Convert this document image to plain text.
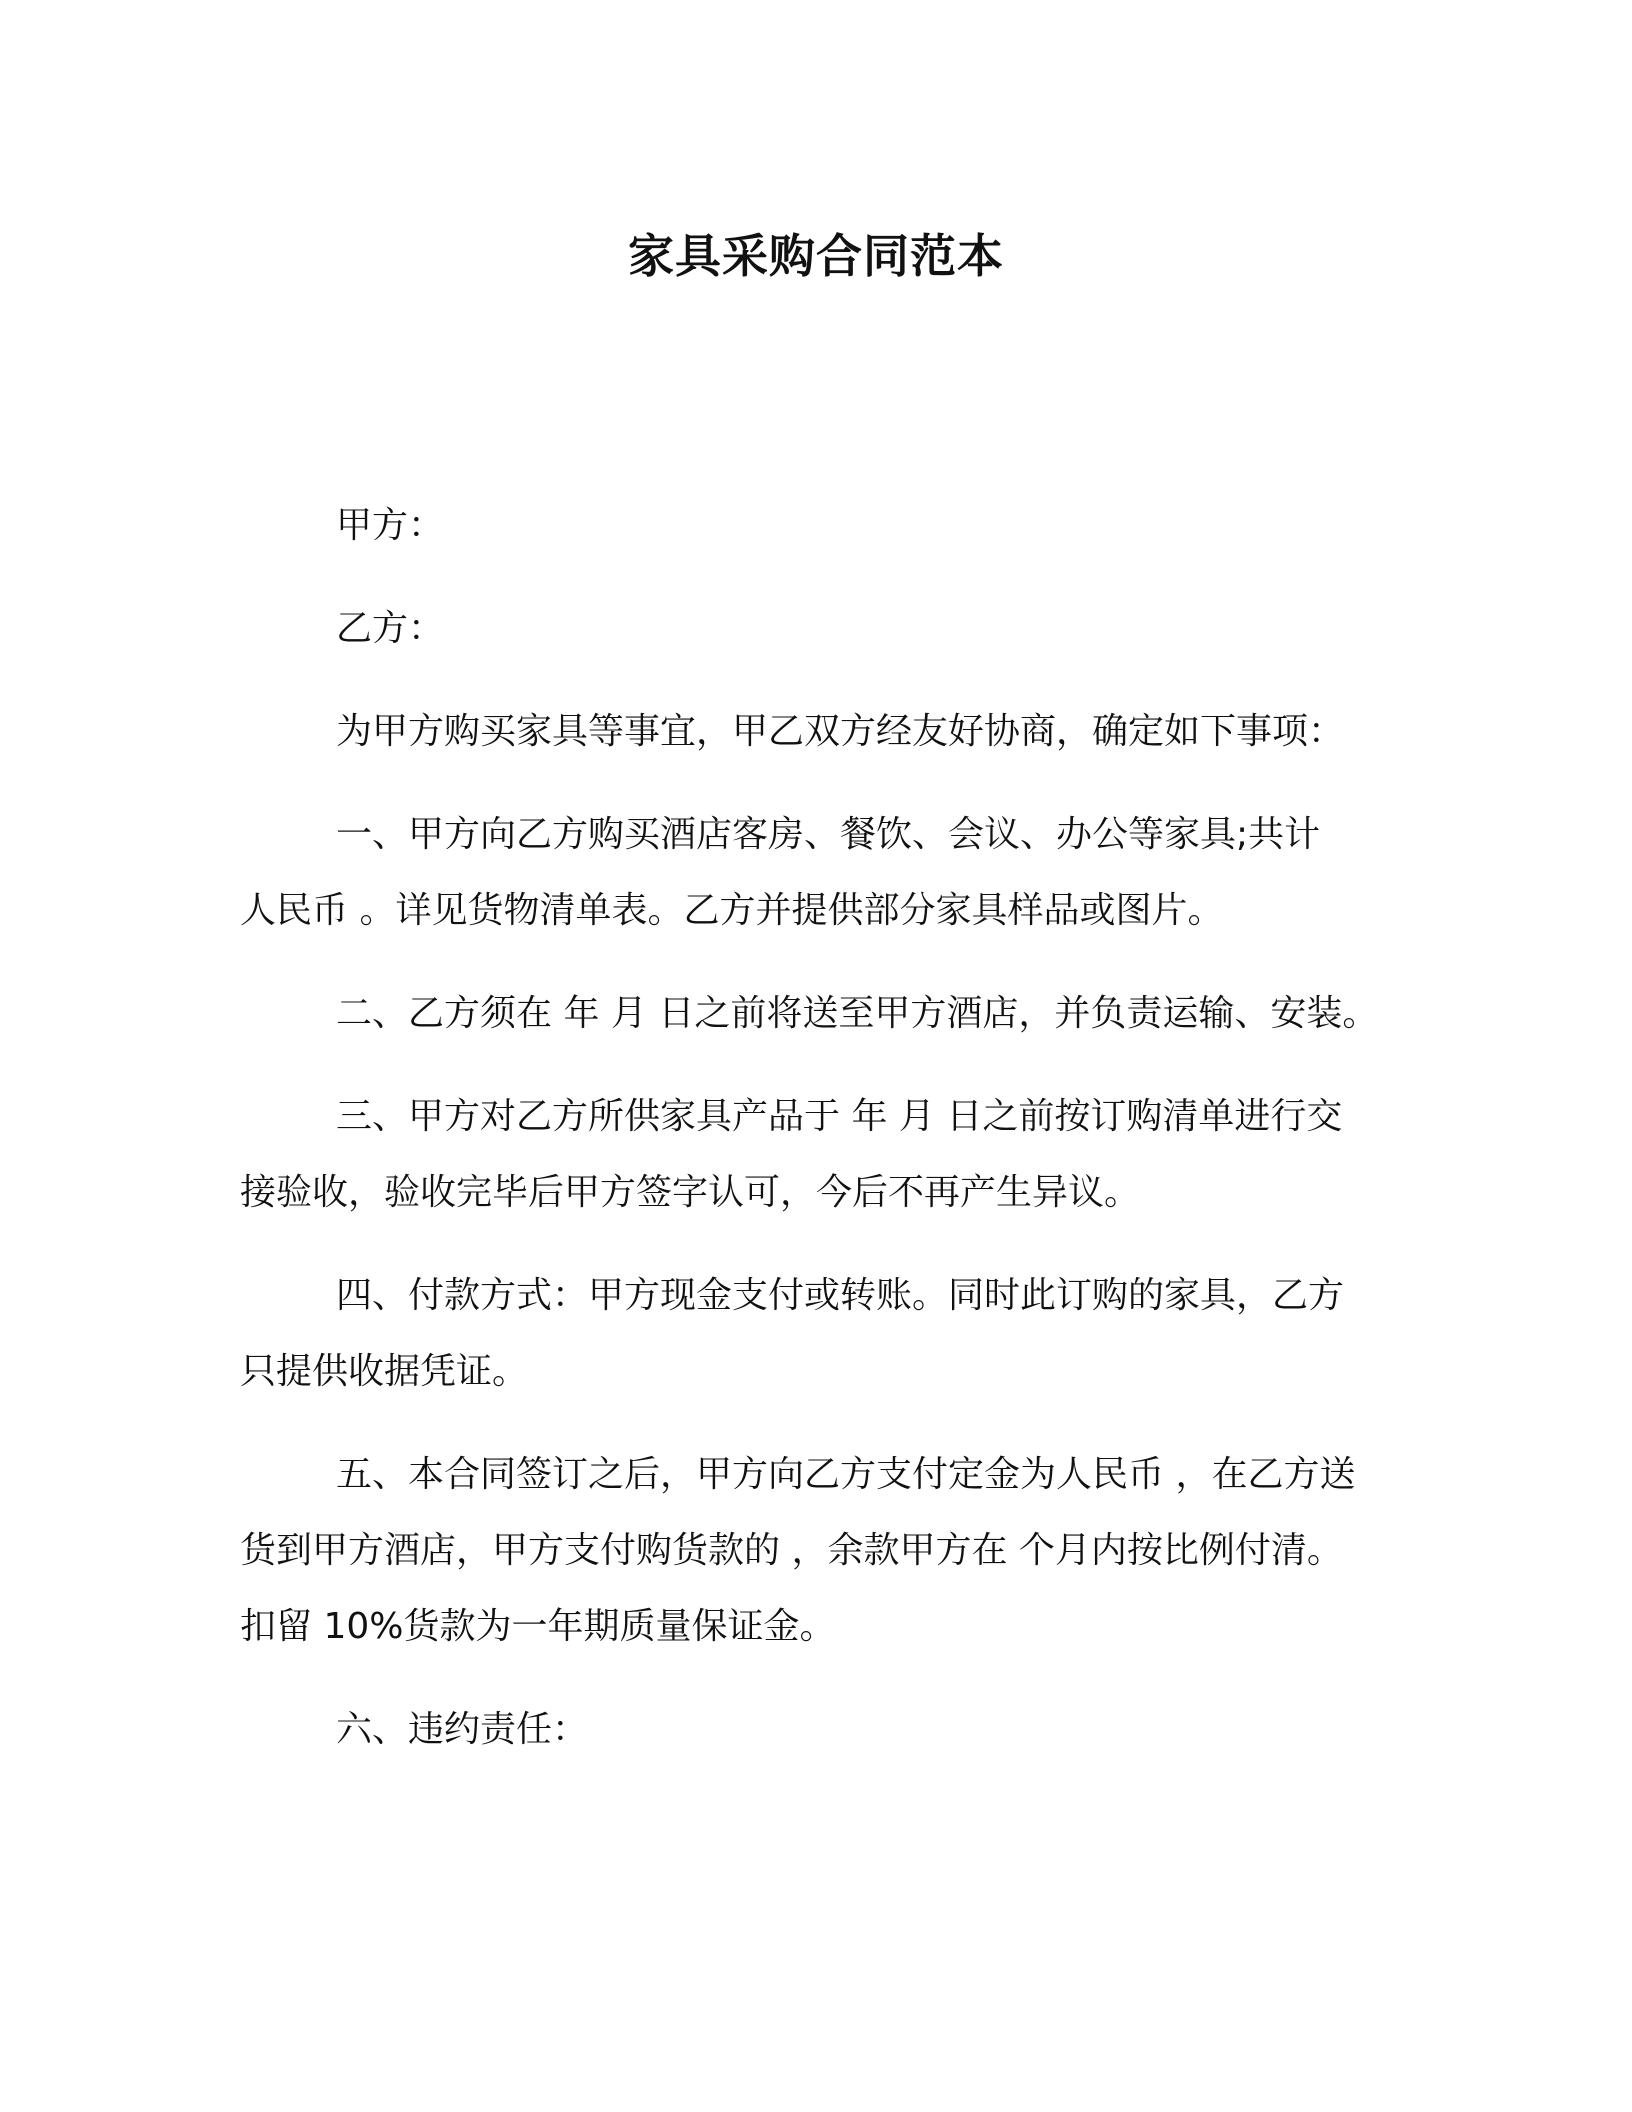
家具采购合同范本

甲方：

乙方：

为甲方购买家具等事宜，甲乙双方经友好协商，确定如下事项：

一、甲方向乙方购买酒店客房、餐饮、会议、办公等家具;共计
人民币 。详见货物清单表。乙方并提供部分家具样品或图片。
二、乙方须在 年 月 日之前将送至甲方酒店，并负责运输、安装。
三、甲方对乙方所供家具产品于 年 月 日之前按订购清单进行交
接验收，验收完毕后甲方签字认可，今后不再产生异议。
四、付款方式：甲方现金支付或转账。同时此订购的家具，乙方
只提供收据凭证。
五、本合同签订之后，甲方向乙方支付定金为人民币 ，在乙方送
货到甲方酒店，甲方支付购货款的 ，余款甲方在 个月内按比例付清。
扣留 10%货款为一年期质量保证金。
六、违约责任：
